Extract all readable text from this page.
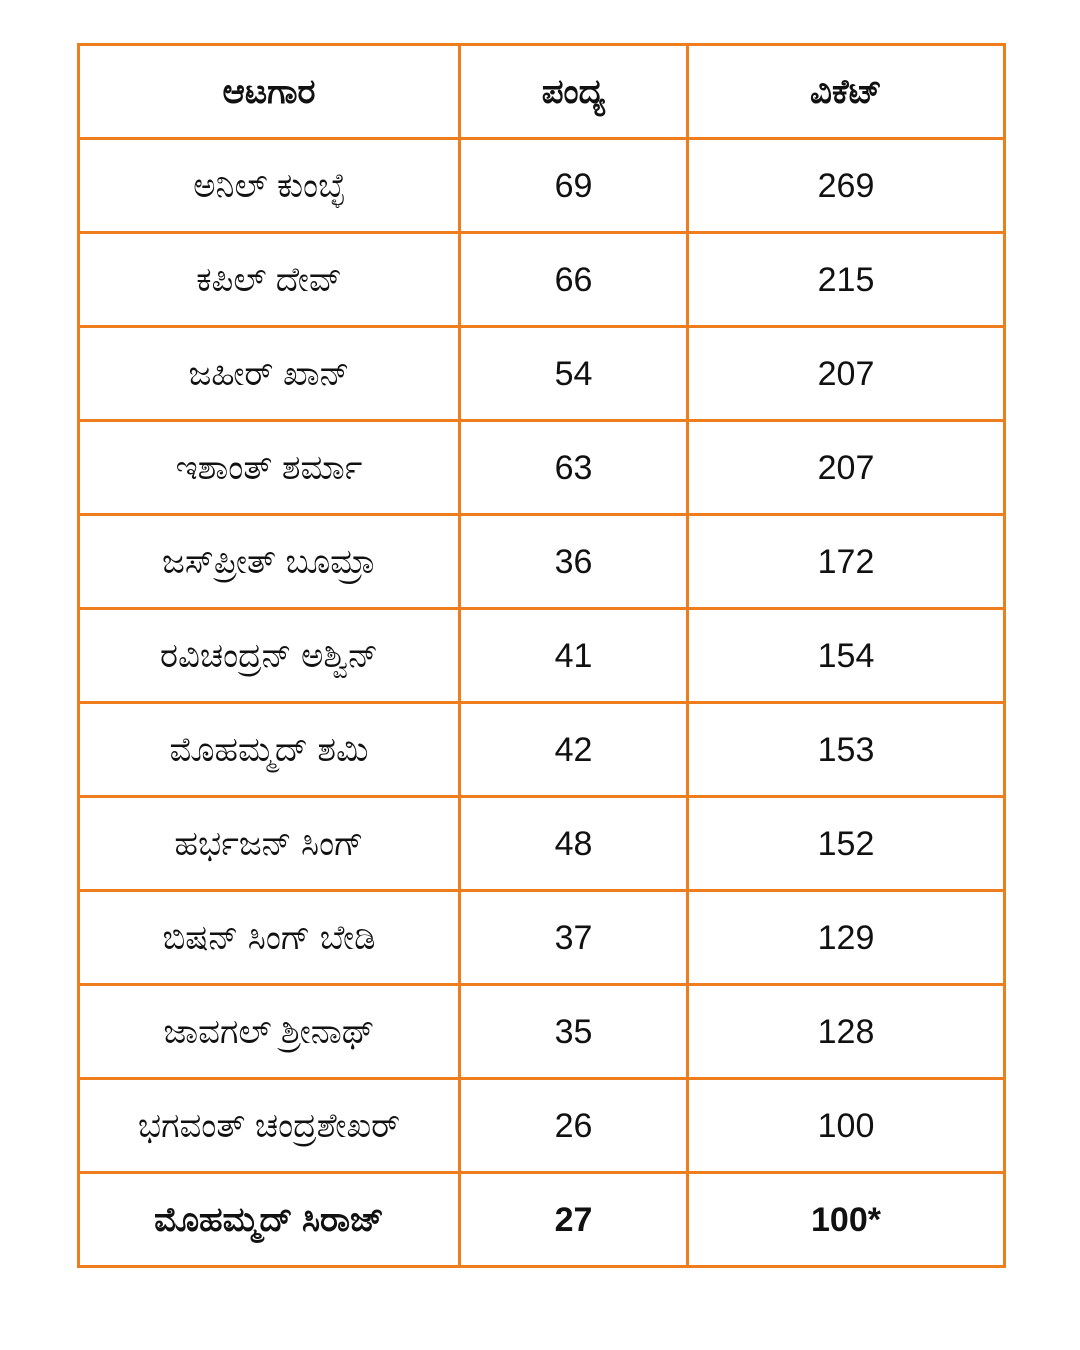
ಆಟಗಾರ	ಪಂದ್ಯ	ವಿಕೆಟ್
ಅನಿಲ್ ಕುಂಬ್ಳೆ	69	269
ಕಪಿಲ್ ದೇವ್	66	215
ಜಹೀರ್ ಖಾನ್	54	207
ಇಶಾಂತ್ ಶರ್ಮಾ	63	207
ಜಸ್‌ಪ್ರೀತ್ ಬೂಮ್ರಾ	36	172
ರವಿಚಂದ್ರನ್ ಅಶ್ವಿನ್	41	154
ಮೊಹಮ್ಮದ್ ಶಮಿ	42	153
ಹರ್ಭಜನ್ ಸಿಂಗ್	48	152
ಬಿಷನ್ ಸಿಂಗ್ ಬೇಡಿ	37	129
ಜಾವಗಲ್ ಶ್ರೀನಾಥ್	35	128
ಭಗವಂತ್ ಚಂದ್ರಶೇಖರ್	26	100
ಮೊಹಮ್ಮದ್ ಸಿರಾಜ್	27	100*
